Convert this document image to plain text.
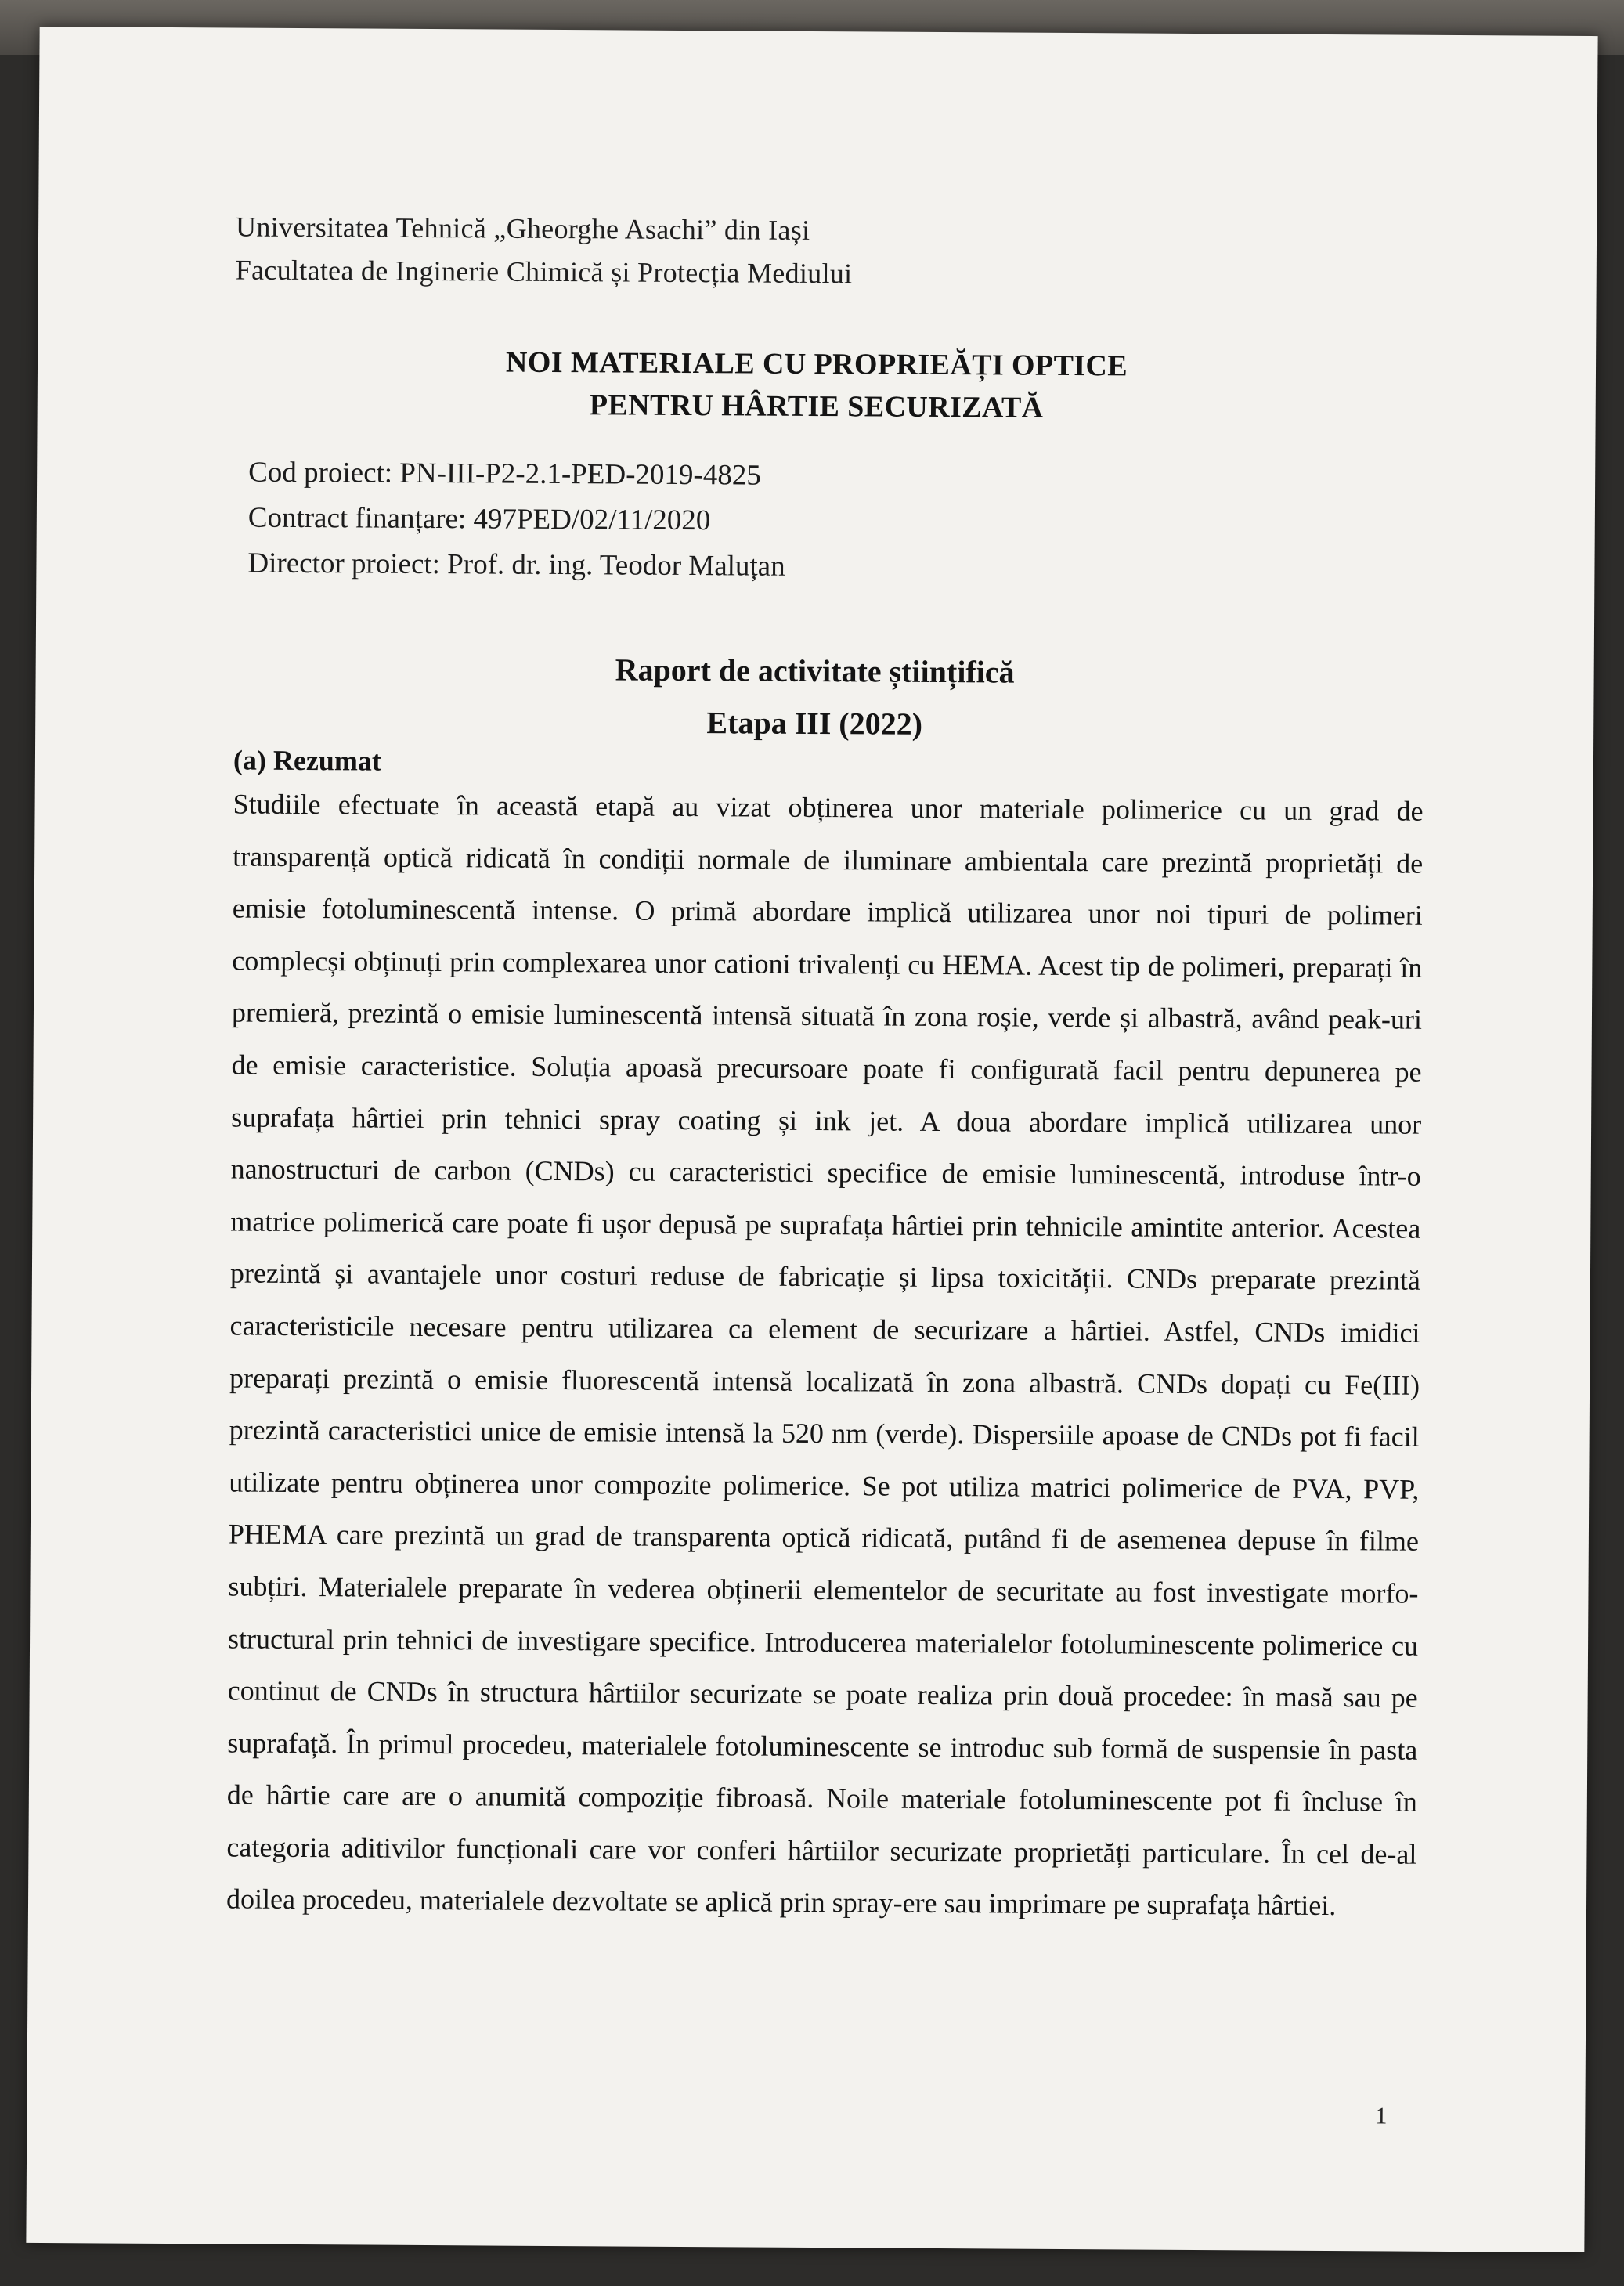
Universitatea Tehnică „Gheorghe Asachi” din Iași
Facultatea de Inginerie Chimică și Protecția Mediului
NOI MATERIALE CU PROPRIEĂȚI OPTICE
PENTRU HÂRTIE SECURIZATĂ
Cod proiect: PN-III-P2-2.1-PED-2019-4825
Contract finanțare: 497PED/02/11/2020
Director proiect: Prof. dr. ing. Teodor Maluțan
Raport de activitate științifică
Etapa III (2022)
(a) Rezumat
Studiile efectuate în această etapă au vizat obținerea unor materiale polimerice cu un grad de transparență optică ridicată în condiții normale de iluminare ambientala care prezintă proprietăți de emisie fotoluminescentă intense. O primă abordare implică utilizarea unor noi tipuri de polimeri complecși obținuți prin complexarea unor cationi trivalenți cu HEMA. Acest tip de polimeri, preparați în premieră, prezintă o emisie luminescentă intensă situată în zona roșie, verde și albastră, având peak-uri de emisie caracteristice. Soluția apoasă precursoare poate fi configurată facil pentru depunerea pe suprafața hârtiei prin tehnici spray coating și ink jet. A doua abordare implică utilizarea unor nanostructuri de carbon (CNDs) cu caracteristici specifice de emisie luminescentă, introduse într-o matrice polimerică care poate fi ușor depusă pe suprafața hârtiei prin tehnicile amintite anterior. Acestea prezintă și avantajele unor costuri reduse de fabricație și lipsa toxicității. CNDs preparate prezintă caracteristicile necesare pentru utilizarea ca element de securizare a hârtiei. Astfel, CNDs imidici preparați prezintă o emisie fluorescentă intensă localizată în zona albastră. CNDs dopați cu Fe(III) prezintă caracteristici unice de emisie intensă la 520 nm (verde). Dispersiile apoase de CNDs pot fi facil utilizate pentru obținerea unor compozite polimerice. Se pot utiliza matrici polimerice de PVA, PVP, PHEMA care prezintă un grad de transparenta optică ridicată, putând fi de asemenea depuse în filme subțiri. Materialele preparate în vederea obținerii elementelor de securitate au fost investigate morfo-structural prin tehnici de investigare specifice. Introducerea materialelor fotoluminescente polimerice cu continut de CNDs în structura hârtiilor securizate se poate realiza prin două procedee: în masă sau pe suprafață. În primul procedeu, materialele fotoluminescente se introduc sub formă de suspensie în pasta de hârtie care are o anumită compoziție fibroasă. Noile materiale fotoluminescente pot fi încluse în categoria aditivilor funcționali care vor conferi hârtiilor securizate proprietăți particulare. În cel de-al doilea procedeu, materialele dezvoltate se aplică prin spray-ere sau imprimare pe suprafața hârtiei.
1
